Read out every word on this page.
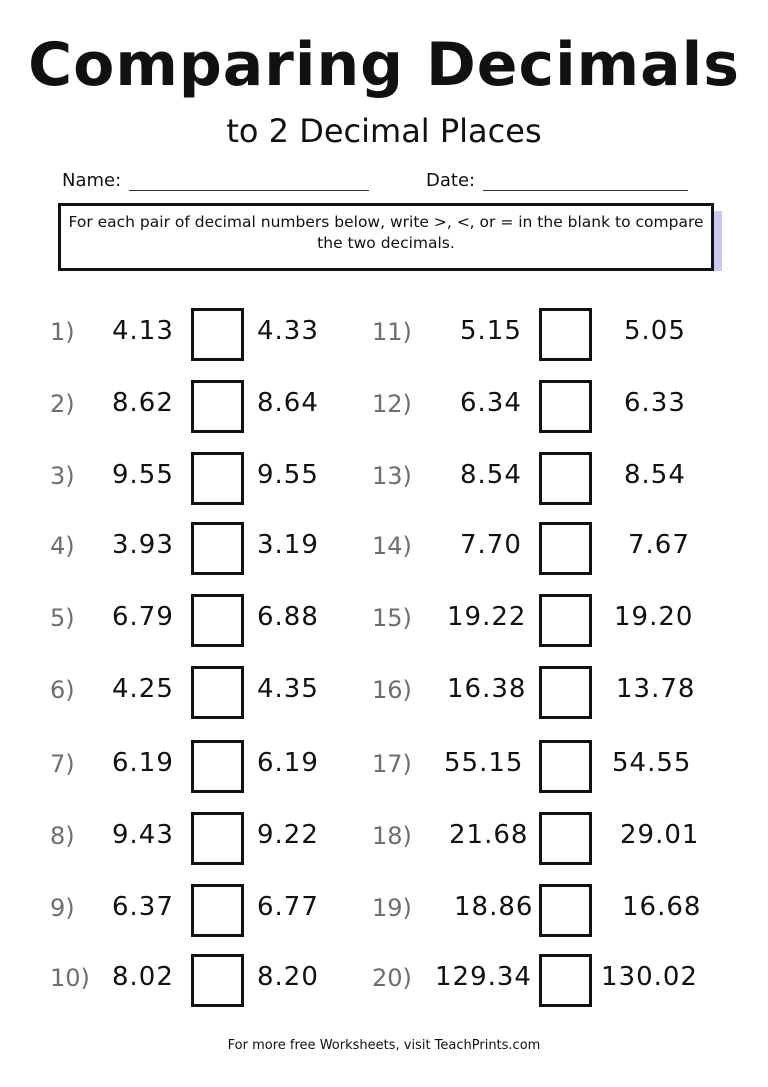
Comparing Decimals
to 2 Decimal Places
Name:	Date:
For each pair of decimal numbers below, write >, <, or = in the blank to compare the two decimals.
1) 4.13	4.33
2) 8.62	8.64
3) 9.55	9.55
4) 3.93	3.19
5) 6.79	6.88
6) 4.25	4.35
7) 6.19	6.19
8) 9.43	9.22
9) 6.37	6.77
10) 8.02	8.20
11) 5.15	5.05
12) 6.34	6.33
13) 8.54	8.54
14) 7.70	7.67
15) 19.22	19.20
16) 16.38	13.78
17) 55.15	54.55
18) 21.68	29.01
19) 18.86	16.68
20) 129.34	130.02
For more free Worksheets, visit TeachPrints.com
